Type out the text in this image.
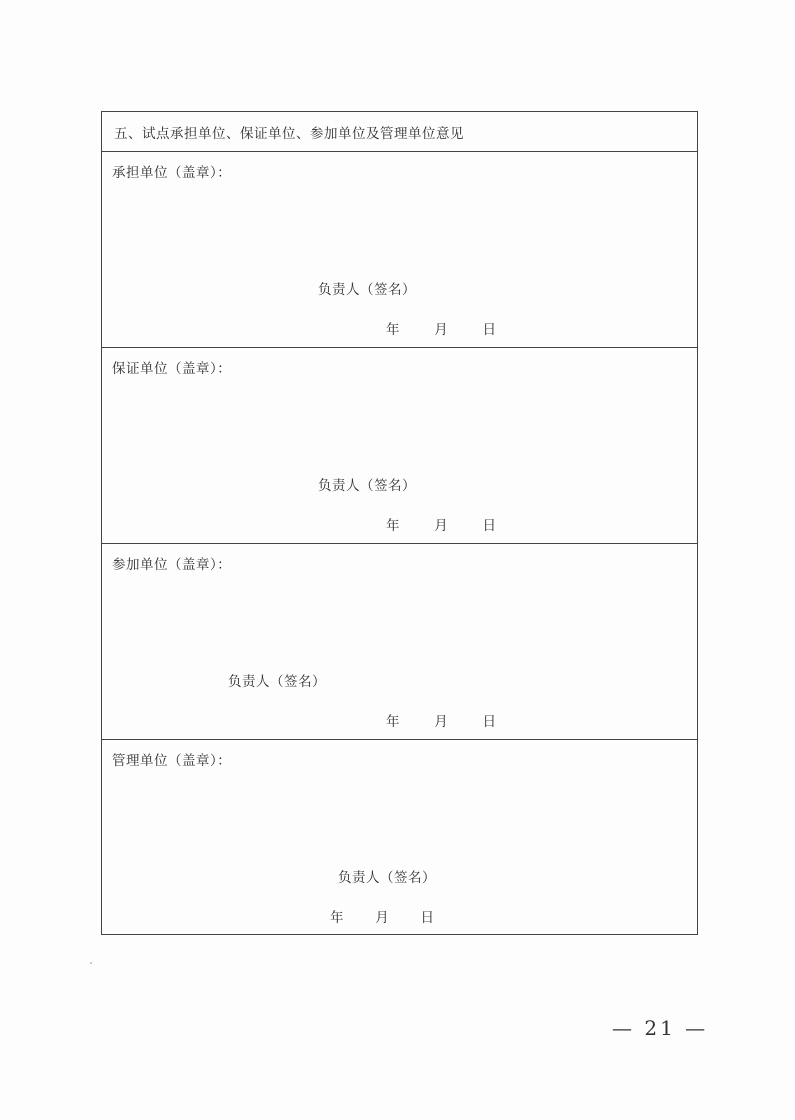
五、试点承担单位、保证单位、参加单位及管理单位意见
承担单位（盖章）：
负责人（签名）
年	月	日
保证单位（盖章）：
负责人（签名）
年	月	日
参加单位（盖章）：
负责人（签名）
年	月	日
管理单位（盖章）：
负责人（签名）
年 月 日
— 21 —
